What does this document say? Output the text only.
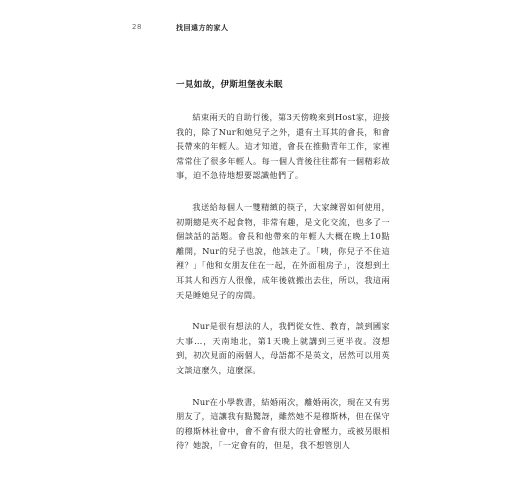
28	找回遠方的家人
一見如故，伊斯坦堡夜未眠

結束兩天的自助行後，第3天傍晚來到Host家，迎接我的，除了Nur和她兒子之外，還有土耳其的會長，和會長帶來的年輕人。這才知道，會長在推動青年工作，家裡常常住了很多年輕人。每一個人背後往往都有一個精彩故事，迫不急待地想要認識他們了。

我送給每個人一雙精緻的筷子，大家練習如何使用，初期總是夾不起食物，非常有趣，是文化交流，也多了一個談話的話題。會長和他帶來的年輕人大概在晚上10點離開，Nur的兒子也說，他該走了。「咦，你兒子不住這裡？」「他和女朋友住在一起，在外面租房子」，沒想到土耳其人和西方人很像，成年後就搬出去住，所以，我這兩天是睡她兒子的房間。

Nur是很有想法的人，我們從女性、教育，談到國家大事…，天南地北，第1天晚上就講到三更半夜。沒想到，初次見面的兩個人，母語都不是英文，居然可以用英文談這麼久，這麼深。

Nur在小學教書，結婚兩次，離婚兩次，現在又有男朋友了，這讓我有點驚訝，雖然她不是穆斯林，但在保守的穆斯林社會中，會不會有很大的社會壓力，或被另眼相待？她說，「一定會有的，但是，我不想管別人
